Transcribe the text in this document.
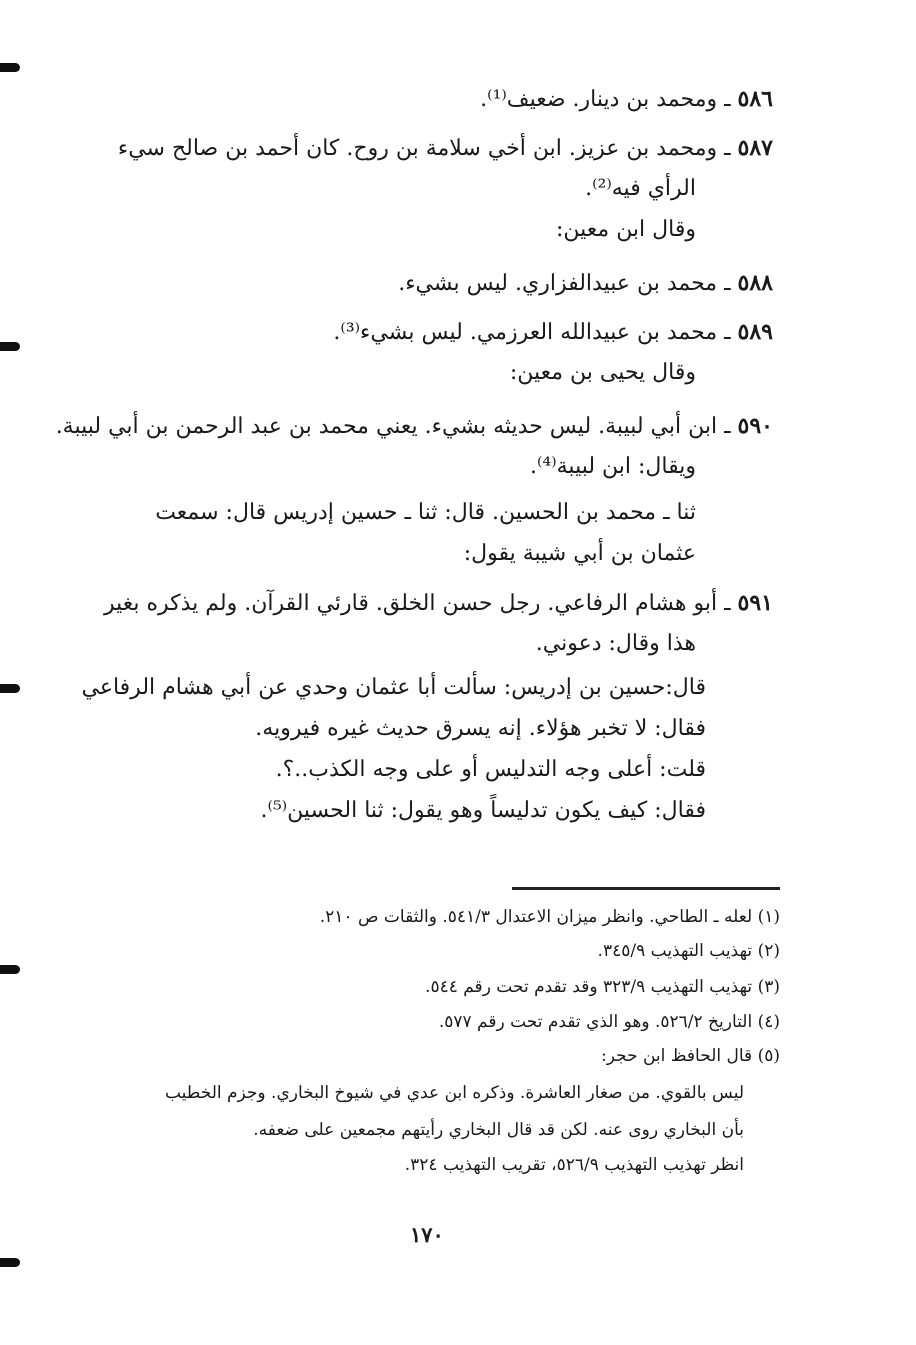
٥٨٦ ـ ومحمد بن دينار. ضعيف⁽¹⁾.
٥٨٧ ـ ومحمد بن عزيز. ابن أخي سلامة بن روح. كان أحمد بن صالح سيء
الرأي فيه⁽²⁾.
وقال ابن معين:
٥٨٨ ـ محمد بن عبيدالفزاري. ليس بشيء.
٥٨٩ ـ محمد بن عبيدالله العرزمي. ليس بشيء⁽³⁾.
وقال يحيى بن معين:
٥٩٠ ـ ابن أبي لبيبة. ليس حديثه بشيء. يعني محمد بن عبد الرحمن بن أبي لبيبة.
ويقال: ابن لبيبة⁽⁴⁾.
ثنا ـ محمد بن الحسين. قال: ثنا ـ حسين إدريس قال: سمعت
عثمان بن أبي شيبة يقول:
٥٩١ ـ أبو هشام الرفاعي. رجل حسن الخلق. قارئي القرآن. ولم يذكره بغير
هذا وقال: دعوني.
قال:حسين بن إدريس: سألت أبا عثمان وحدي عن أبي هشام الرفاعي
فقال: لا تخبر هؤلاء. إنه يسرق حديث غيره فيرويه.
قلت: أعلى وجه التدليس أو على وجه الكذب..؟.
فقال: كيف يكون تدليساً وهو يقول: ثنا الحسين⁽⁵⁾.
(١) لعله ـ الطاحي. وانظر ميزان الاعتدال ٥٤١/٣. والثقات ص ٢١٠.
(٢) تهذيب التهذيب ٣٤٥/٩.
(٣) تهذيب التهذيب ٣٢٣/٩ وقد تقدم تحت رقم ٥٤٤.
(٤) التاريخ ٥٢٦/٢. وهو الذي تقدم تحت رقم ٥٧٧.
(٥) قال الحافظ ابن حجر:
ليس بالقوي. من صغار العاشرة. وذكره ابن عدي في شيوخ البخاري. وجزم الخطيب
بأن البخاري روى عنه. لكن قد قال البخاري رأيتهم مجمعين على ضعفه.
انظر تهذيب التهذيب ٥٢٦/٩، تقريب التهذيب ٣٢٤.
١٧٠
